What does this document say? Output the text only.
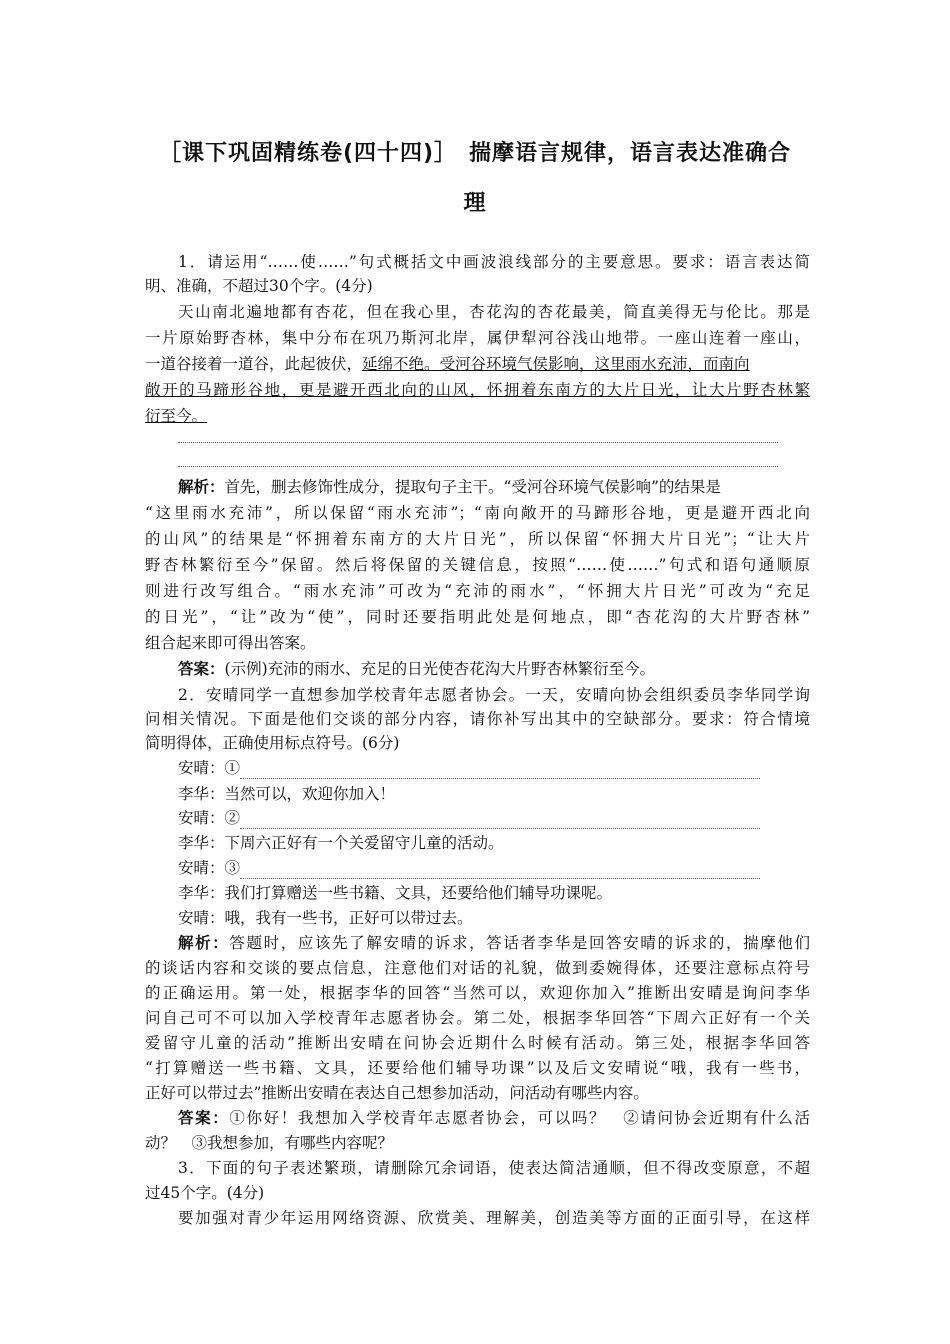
［课下巩固精练卷(四十四)］　揣摩语言规律，语言表达准确合
理
1．请运用“……使……”句式概括文中画波浪线部分的主要意思。要求：语言表达简
明、准确，不超过30个字。(4分)
天山南北遍地都有杏花，但在我心里，杏花沟的杏花最美，简直美得无与伦比。那是
一片原始野杏林，集中分布在巩乃斯河北岸，属伊犁河谷浅山地带。一座山连着一座山，
一道谷接着一道谷，此起彼伏，延绵不绝。受河谷环境气侯影响，这里雨水充沛，而南向
敞开的马蹄形谷地，更是避开西北向的山风，怀拥着东南方的大片日光，让大片野杏林繁
衍至今。
解析：首先，删去修饰性成分，提取句子主干。“受河谷环境气侯影响”的结果是
“这里雨水充沛”，所以保留“雨水充沛”；“南向敞开的马蹄形谷地，更是避开西北向
的山风”的结果是“怀拥着东南方的大片日光”，所以保留“怀拥大片日光”；“让大片
野杏林繁衍至今”保留。然后将保留的关键信息，按照“……使……”句式和语句通顺原
则进行改写组合。“雨水充沛”可改为“充沛的雨水”，“怀拥大片日光”可改为“充足
的日光”，“让”改为“使”，同时还要指明此处是何地点，即“杏花沟的大片野杏林”
组合起来即可得出答案。
答案：(示例)充沛的雨水、充足的日光使杏花沟大片野杏林繁衍至今。
2．安晴同学一直想参加学校青年志愿者协会。一天，安晴向协会组织委员李华同学询
问相关情况。下面是他们交谈的部分内容，请你补写出其中的空缺部分。要求：符合情境
简明得体，正确使用标点符号。(6分)
安晴：①
李华：当然可以，欢迎你加入！
安晴：②
李华：下周六正好有一个关爱留守儿童的活动。
安晴：③
李华：我们打算赠送一些书籍、文具，还要给他们辅导功课呢。
安晴：哦，我有一些书，正好可以带过去。
解析：答题时，应该先了解安晴的诉求，答话者李华是回答安晴的诉求的，揣摩他们
的谈话内容和交谈的要点信息，注意他们对话的礼貌，做到委婉得体，还要注意标点符号
的正确运用。第一处，根据李华的回答“当然可以，欢迎你加入”推断出安晴是询问李华
问自己可不可以加入学校青年志愿者协会。第二处，根据李华回答“下周六正好有一个关
爱留守儿童的活动”推断出安晴在问协会近期什么时候有活动。第三处，根据李华回答
“打算赠送一些书籍、文具，还要给他们辅导功课”以及后文安晴说“哦，我有一些书，
正好可以带过去”推断出安晴在表达自己想参加活动，问活动有哪些内容。
答案：①你好！我想加入学校青年志愿者协会，可以吗？　②请问协会近期有什么活
动？　③我想参加，有哪些内容呢？
3．下面的句子表述繁琐，请删除冗余词语，使表达简洁通顺，但不得改变原意，不超
过45个字。(4分)
要加强对青少年运用网络资源、欣赏美、理解美，创造美等方面的正面引导，在这样
